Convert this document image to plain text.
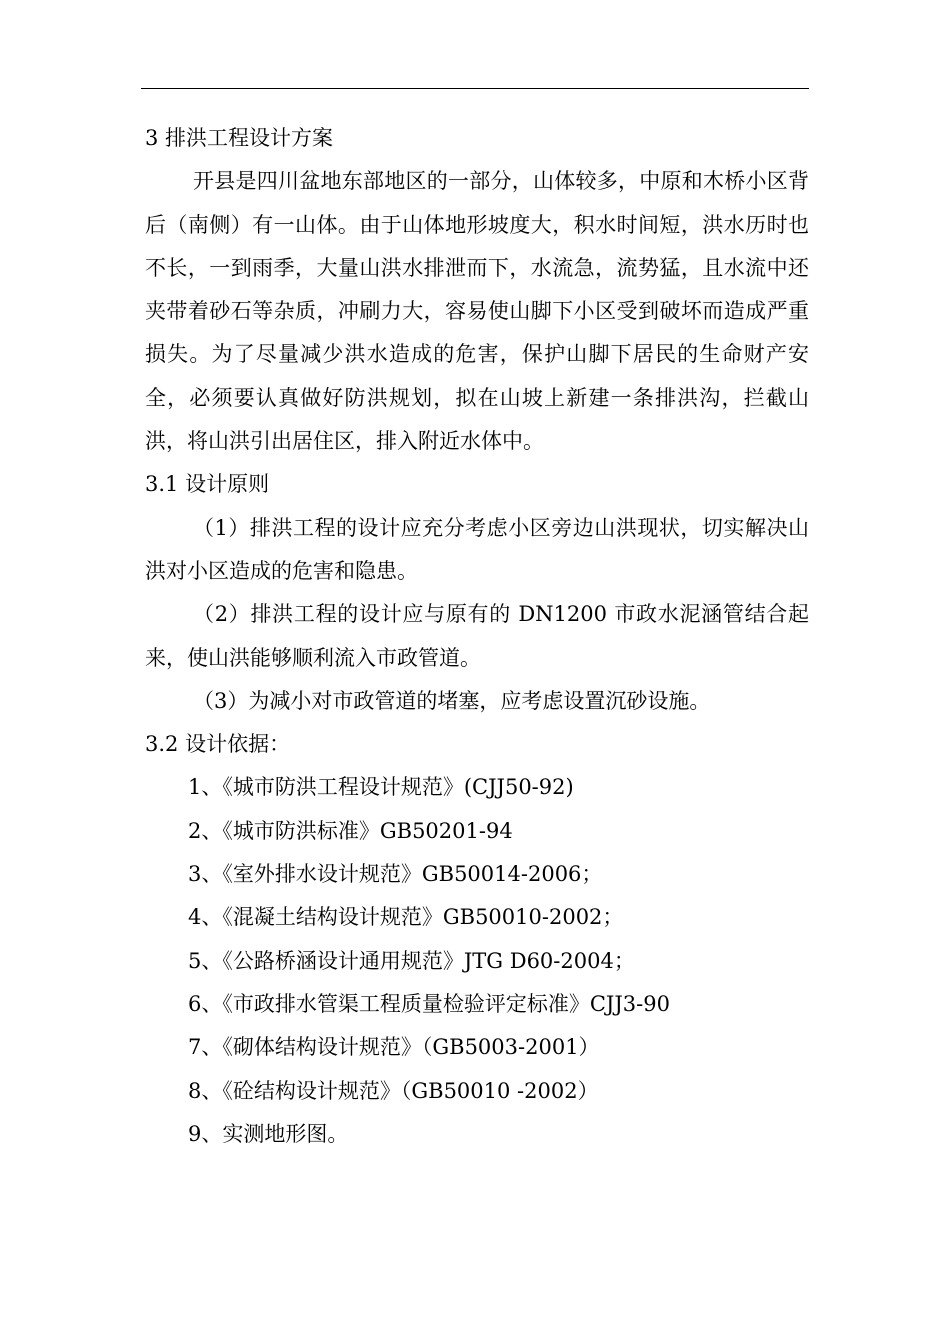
3 排洪工程设计方案

开县是四川盆地东部地区的一部分，山体较多，中原和木桥小区背后（南侧）有一山体。由于山体地形坡度大，积水时间短，洪水历时也不长，一到雨季，大量山洪水排泄而下，水流急，流势猛，且水流中还夹带着砂石等杂质，冲刷力大，容易使山脚下小区受到破坏而造成严重损失。为了尽量减少洪水造成的危害，保护山脚下居民的生命财产安全，必须要认真做好防洪规划，拟在山坡上新建一条排洪沟，拦截山洪，将山洪引出居住区，排入附近水体中。

3.1 设计原则

（1）排洪工程的设计应充分考虑小区旁边山洪现状，切实解决山洪对小区造成的危害和隐患。

（2）排洪工程的设计应与原有的 DN1200 市政水泥涵管结合起来，使山洪能够顺利流入市政管道。

（3）为减小对市政管道的堵塞，应考虑设置沉砂设施。

3.2 设计依据：
1、《城市防洪工程设计规范》(CJJ50-92)
2、《城市防洪标准》GB50201-94
3、《室外排水设计规范》GB50014-2006；
4、《混凝土结构设计规范》GB50010-2002；
5、《公路桥涵设计通用规范》JTG D60-2004；
6、《市政排水管渠工程质量检验评定标准》CJJ3-90
7、《砌体结构设计规范》（GB5003-2001）
8、《砼结构设计规范》（GB50010 -2002）
9、实测地形图。
